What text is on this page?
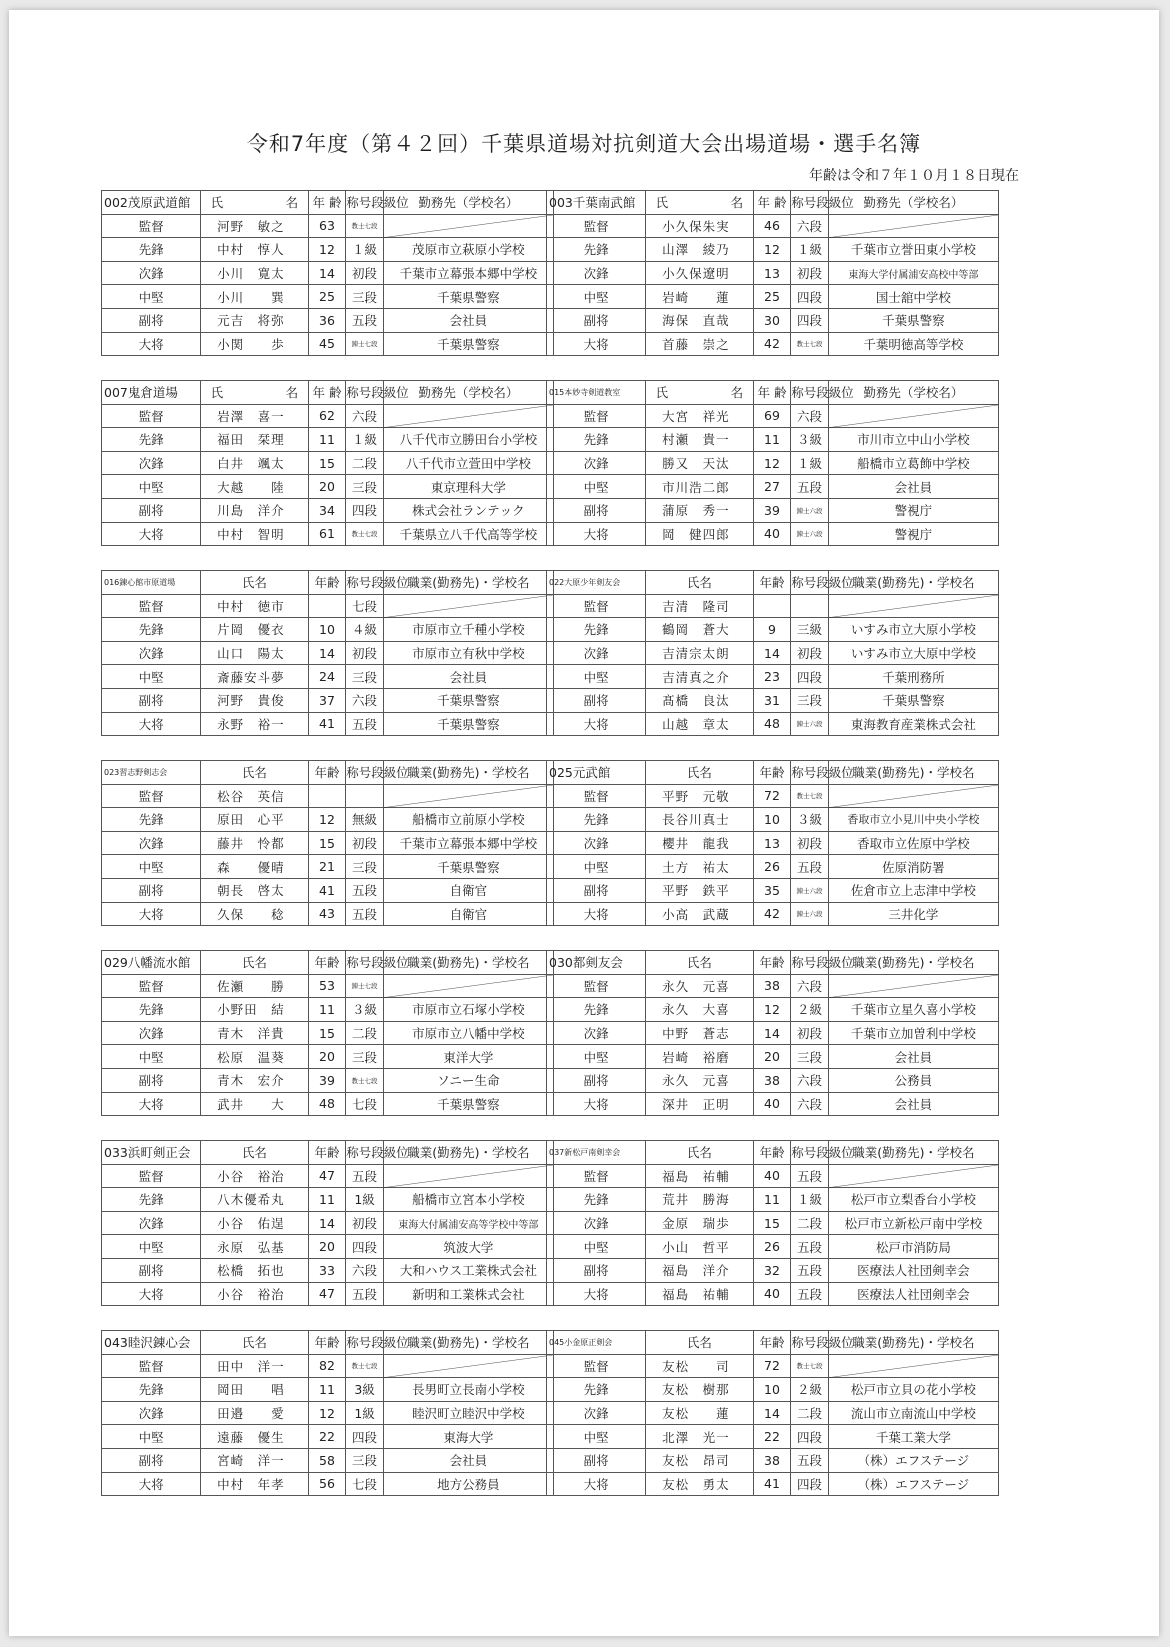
令和7年度（第４２回）千葉県道場対抗剣道大会出場道場・選手名簿
年齢は令和７年１０月１８日現在
002茂原武道館	氏　　　　　名	年 齢	称号段級位	勤務先（学校名）
監督	河野　敏之	63	教士七段	

先鋒	中村　惇人	12	１級	茂原市立萩原小学校
次鋒	小川　寛太	14	初段	千葉市立幕張本郷中学校
中堅	小川　　巽	25	三段	千葉県警察
副将	元吉　将弥	36	五段	会社員
大将	小関　　歩	45	錬士七段	千葉県警察
003千葉南武館	氏　　　　　名	年 齢	称号段級位	勤務先（学校名）
監督	小久保朱実	46	六段	

先鋒	山澤　綾乃	12	１級	千葉市立誉田東小学校
次鋒	小久保遼明	13	初段	東海大学付属浦安高校中等部
中堅	岩崎　　蓮	25	四段	国士舘中学校
副将	海保　直哉	30	四段	千葉県警察
大将	首藤　崇之	42	教士七段	千葉明徳高等学校
007鬼倉道場	氏　　　　　名	年 齢	称号段級位	勤務先（学校名）
監督	岩澤　喜一	62	六段	

先鋒	福田　栞理	11	１級	八千代市立勝田台小学校
次鋒	白井　颯太	15	二段	八千代市立萱田中学校
中堅	大越　　陸	20	三段	東京理科大学
副将	川島　洋介	34	四段	株式会社ランテック
大将	中村　智明	61	教士七段	千葉県立八千代高等学校
015本妙寺剣道教室	氏　　　　　名	年 齢	称号段級位	勤務先（学校名）
監督	大宮　祥光	69	六段	

先鋒	村瀬　貴一	11	３級	市川市立中山小学校
次鋒	勝又　天汰	12	１級	船橋市立葛飾中学校
中堅	市川浩二郎	27	五段	会社員
副将	蒲原　秀一	39	錬士六段	警視庁
大将	岡　健四郎	40	錬士六段	警視庁
016錬心館市原道場	氏名	年齢	称号段級位	職業(勤務先)・学校名
監督	中村　徳市		七段	

先鋒	片岡　優衣	10	４級	市原市立千種小学校
次鋒	山口　陽太	14	初段	市原市立有秋中学校
中堅	斎藤安斗夢	24	三段	会社員
副将	河野　貴俊	37	六段	千葉県警察
大将	永野　裕一	41	五段	千葉県警察
022大原少年剣友会	氏名	年齢	称号段級位	職業(勤務先)・学校名
監督	吉清　隆司			

先鋒	鶴岡　蒼大	9	三級	いすみ市立大原小学校
次鋒	吉清宗太朗	14	初段	いすみ市立大原中学校
中堅	吉清真之介	23	四段	千葉刑務所
副将	髙橋　良汰	31	三段	千葉県警察
大将	山越　章太	48	錬士六段	東海教育産業株式会社
023習志野剣志会	氏名	年齢	称号段級位	職業(勤務先)・学校名
監督	松谷　英信			

先鋒	原田　心平	12	無級	船橋市立前原小学校
次鋒	藤井　怜都	15	初段	千葉市立幕張本郷中学校
中堅	森　　優晴	21	三段	千葉県警察
副将	朝長　啓太	41	五段	自衛官
大将	久保　　稔	43	五段	自衛官
025元武館	氏名	年齢	称号段級位	職業(勤務先)・学校名
監督	平野　元敬	72	教士七段	

先鋒	長谷川真士	10	３級	香取市立小見川中央小学校
次鋒	櫻井　龍我	13	初段	香取市立佐原中学校
中堅	土方　祐太	26	五段	佐原消防署
副将	平野　鉄平	35	錬士六段	佐倉市立上志津中学校
大将	小高　武蔵	42	錬士六段	三井化学
029八幡流水館	氏名	年齢	称号段級位	職業(勤務先)・学校名
監督	佐瀬　　勝	53	錬士七段	

先鋒	小野田　結	11	３級	市原市立石塚小学校
次鋒	青木　洋貴	15	二段	市原市立八幡中学校
中堅	松原　温葵	20	三段	東洋大学
副将	青木　宏介	39	教士七段	ソニー生命
大将	武井　　大	48	七段	千葉県警察
030都剣友会	氏名	年齢	称号段級位	職業(勤務先)・学校名
監督	永久　元喜	38	六段	

先鋒	永久　大喜	12	２級	千葉市立星久喜小学校
次鋒	中野　蒼志	14	初段	千葉市立加曽利中学校
中堅	岩崎　裕磨	20	三段	会社員
副将	永久　元喜	38	六段	公務員
大将	深井　正明	40	六段	会社員
033浜町剣正会	氏名	年齢	称号段級位	職業(勤務先)・学校名
監督	小谷　裕治	47	五段	

先鋒	八木優希丸	11	1級	船橋市立宮本小学校
次鋒	小谷　佑逞	14	初段	東海大付属浦安高等学校中等部
中堅	永原　弘基	20	四段	筑波大学
副将	松橋　拓也	33	六段	大和ハウス工業株式会社
大将	小谷　裕治	47	五段	新明和工業株式会社
037新松戸南剣幸会	氏名	年齢	称号段級位	職業(勤務先)・学校名
監督	福島　祐輔	40	五段	

先鋒	荒井　勝海	11	１級	松戸市立梨香台小学校
次鋒	金原　瑞歩	15	二段	松戸市立新松戸南中学校
中堅	小山　哲平	26	五段	松戸市消防局
副将	福島　洋介	32	五段	医療法人社団剣幸会
大将	福島　祐輔	40	五段	医療法人社団剣幸会
043睦沢錬心会	氏名	年齢	称号段級位	職業(勤務先)・学校名
監督	田中　洋一	82	教士七段	

先鋒	岡田　　唱	11	3級	長男町立長南小学校
次鋒	田邉　　愛	12	1級	睦沢町立睦沢中学校
中堅	遠藤　優生	22	四段	東海大学
副将	宮崎　洋一	58	三段	会社員
大将	中村　年孝	56	七段	地方公務員
045小金原正剣会	氏名	年齢	称号段級位	職業(勤務先)・学校名
監督	友松　　司	72	教士七段	

先鋒	友松　樹那	10	２級	松戸市立貝の花小学校
次鋒	友松　　蓮	14	二段	流山市立南流山中学校
中堅	北澤　光一	22	四段	千葉工業大学
副将	友松　昂司	38	五段	（株）エフステージ
大将	友松　勇太	41	四段	（株）エフステージ
